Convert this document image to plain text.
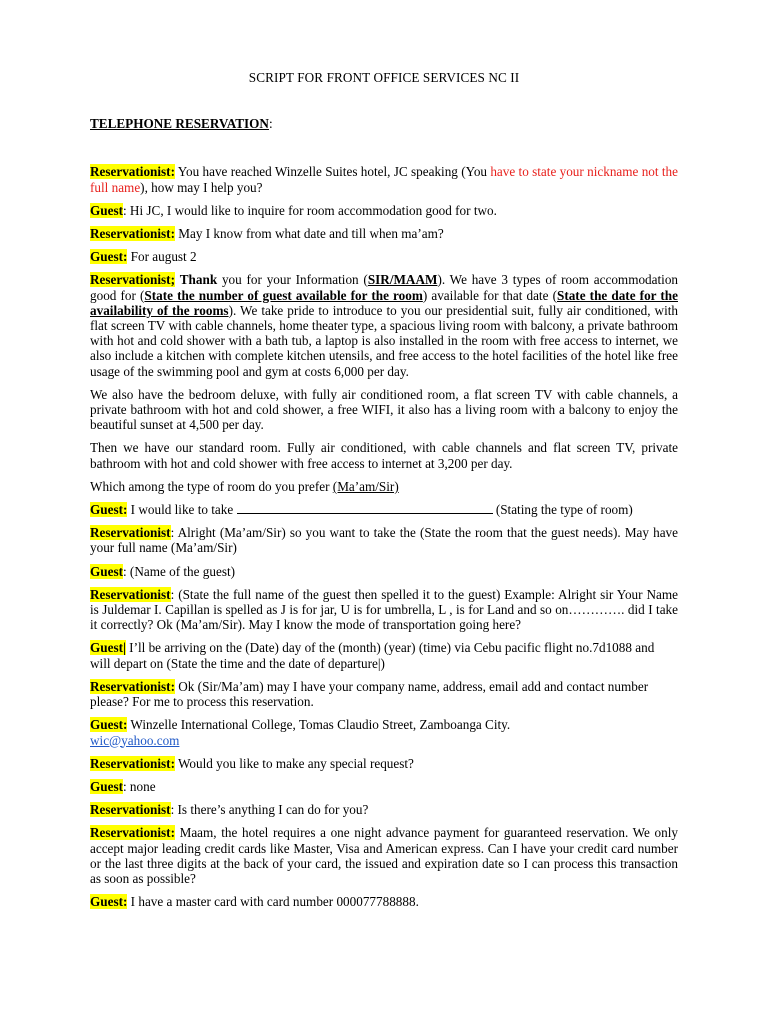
SCRIPT FOR FRONT OFFICE SERVICES NC II
TELEPHONE RESERVATION:

Reservationist: You have reached Winzelle Suites hotel, JC speaking (You have to state your nickname not the full name), how may I help you?

Guest: Hi JC, I would like to inquire for room accommodation good for two.

Reservationist: May I know from what date and till when ma’am?

Guest: For august 2

Reservationist; Thank you for your Information (SIR/MAAM). We have 3 types of room accommodation good for (State the number of guest available for the room) available for that date (State the date for the availability of the rooms). We take pride to introduce to you our presidential suit, fully air conditioned, with flat screen TV with cable channels, home theater type, a spacious living room with balcony, a private bathroom with hot and cold shower with a bath tub, a laptop is also installed in the room with free access to internet, we also include a kitchen with complete kitchen utensils, and free access to the hotel facilities of the hotel like free usage of the swimming pool and gym at costs 6,000 per day.

We also have the bedroom deluxe, with fully air conditioned room, a flat screen TV with cable channels, a private bathroom with hot and cold shower, a free WIFI, it also has a living room with a balcony to enjoy the beautiful sunset at 4,500 per day.

Then we have our standard room. Fully air conditioned, with cable channels and flat screen TV, private bathroom with hot and cold shower with free access to internet at 3,200 per day.

Which among the type of room do you prefer (Ma’am/Sir)

Guest: I would like to take	(Stating the type of room)

Reservationist: Alright (Ma’am/Sir) so you want to take the (State the room that the guest needs). May have your full name (Ma’am/Sir)

Guest: (Name of the guest)

Reservationist: (State the full name of the guest then spelled it to the guest) Example: Alright sir Your Name is Juldemar I. Capillan is spelled as J is for jar, U is for umbrella, L , is for Land and so on…………. did I take it correctly? Ok (Ma’am/Sir). May I know the mode of transportation going here?

Guest| I’ll be arriving on the (Date) day of the (month) (year) (time) via Cebu pacific flight no.7d1088 and will depart on (State the time and the date of departure|)

Reservationist: Ok (Sir/Ma’am) may I have your company name, address, email add and contact number please? For me to process this reservation.

Guest: Winzelle International College, Tomas Claudio Street, Zamboanga City.
wic@yahoo.com

Reservationist: Would you like to make any special request?

Guest: none

Reservationist: Is there’s anything I can do for you?

Reservationist: Maam, the hotel requires a one night advance payment for guaranteed reservation. We only accept major leading credit cards like Master, Visa and American express. Can I have your credit card number or the last three digits at the back of your card, the issued and expiration date so I can process this transaction as soon as possible?

Guest: I have a master card with card number 000077788888.
